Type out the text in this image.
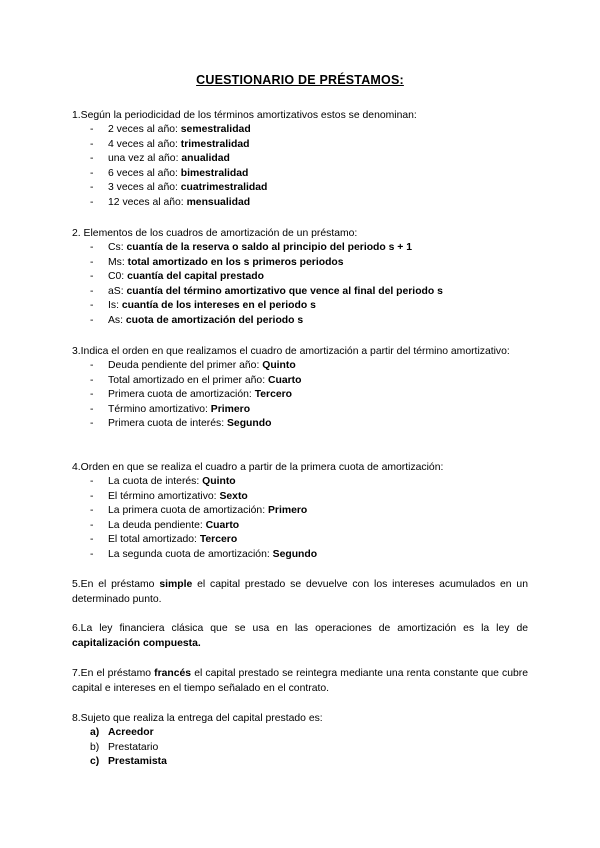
CUESTIONARIO DE PRÉSTAMOS:
1.Según la periodicidad de los términos amortizativos estos se denominan:
- 2 veces al año: semestralidad
- 4 veces al año: trimestralidad
- una vez al año: anualidad
- 6 veces al año: bimestralidad
- 3 veces al año: cuatrimestralidad
- 12 veces al año: mensualidad
2. Elementos de los cuadros de amortización de un préstamo:
- Cs: cuantía de la reserva o saldo al principio del periodo s + 1
- Ms: total amortizado en los s primeros periodos
- C0: cuantía del capital prestado
- aS: cuantía del término amortizativo que vence al final del periodo s
- Is: cuantía de los intereses en el periodo s
- As: cuota de amortización del periodo s
3.Indica el orden en que realizamos el cuadro de amortización a partir del término amortizativo:
- Deuda pendiente del primer año: Quinto
- Total amortizado en el primer año: Cuarto
- Primera cuota de amortización: Tercero
- Término amortizativo: Primero
- Primera cuota de interés: Segundo
4.Orden en que se realiza el cuadro a partir de la primera cuota de amortización:
- La cuota de interés: Quinto
- El término amortizativo: Sexto
- La primera cuota de amortización: Primero
- La deuda pendiente: Cuarto
- El total amortizado: Tercero
- La segunda cuota de amortización: Segundo
5.En el préstamo simple el capital prestado se devuelve con los intereses acumulados en un determinado punto.
6.La ley financiera clásica que se usa en las operaciones de amortización es la ley de capitalización compuesta.
7.En el préstamo francés el capital prestado se reintegra mediante una renta constante que cubre capital e intereses en el tiempo señalado en el contrato.
8.Sujeto que realiza la entrega del capital prestado es:
a) Acreedor
b) Prestatario
c) Prestamista
